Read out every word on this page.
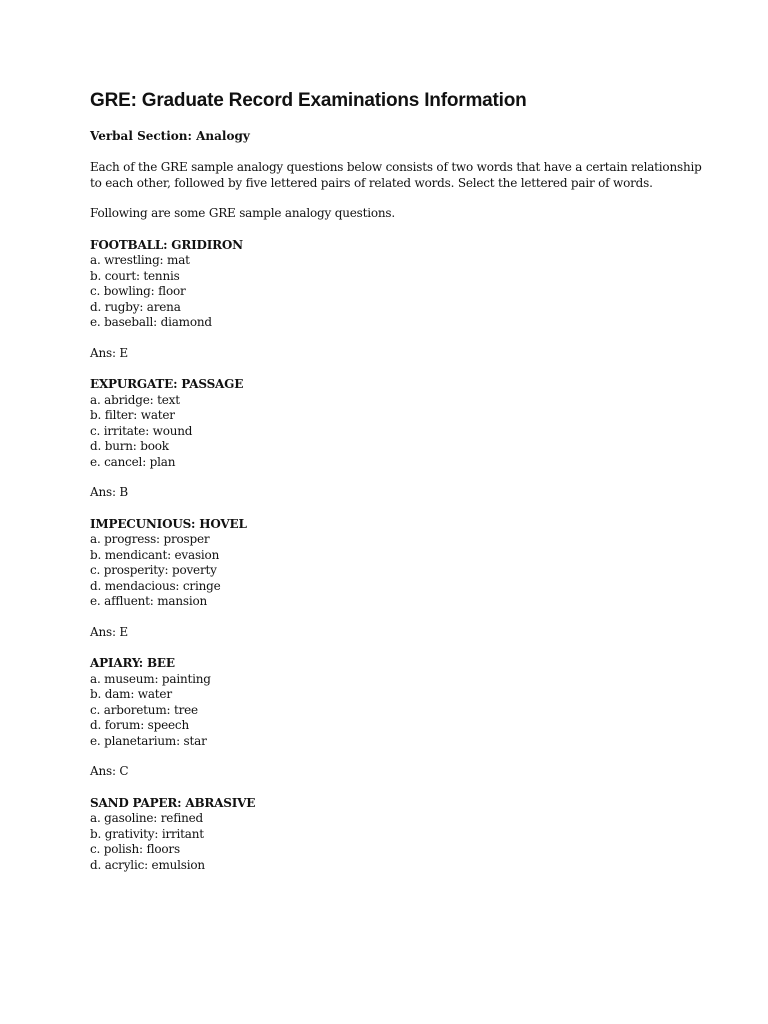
GRE: Graduate Record Examinations Information
Verbal Section: Analogy

Each of the GRE sample analogy questions below consists of two words that have a certain relationship to each other, followed by five lettered pairs of related words. Select the lettered pair of words.

Following are some GRE sample analogy questions.

FOOTBALL: GRIDIRON
a. wrestling: mat
b. court: tennis
c. bowling: floor
d. rugby: arena
e. baseball: diamond
Ans: E
EXPURGATE: PASSAGE
a. abridge: text
b. filter: water
c. irritate: wound
d. burn: book
e. cancel: plan
Ans: B
IMPECUNIOUS: HOVEL
a. progress: prosper
b. mendicant: evasion
c. prosperity: poverty
d. mendacious: cringe
e. affluent: mansion
Ans: E
APIARY: BEE
a. museum: painting
b. dam: water
c. arboretum: tree
d. forum: speech
e. planetarium: star
Ans: C
SAND PAPER: ABRASIVE
a. gasoline: refined
b. grativity: irritant
c. polish: floors
d. acrylic: emulsion
